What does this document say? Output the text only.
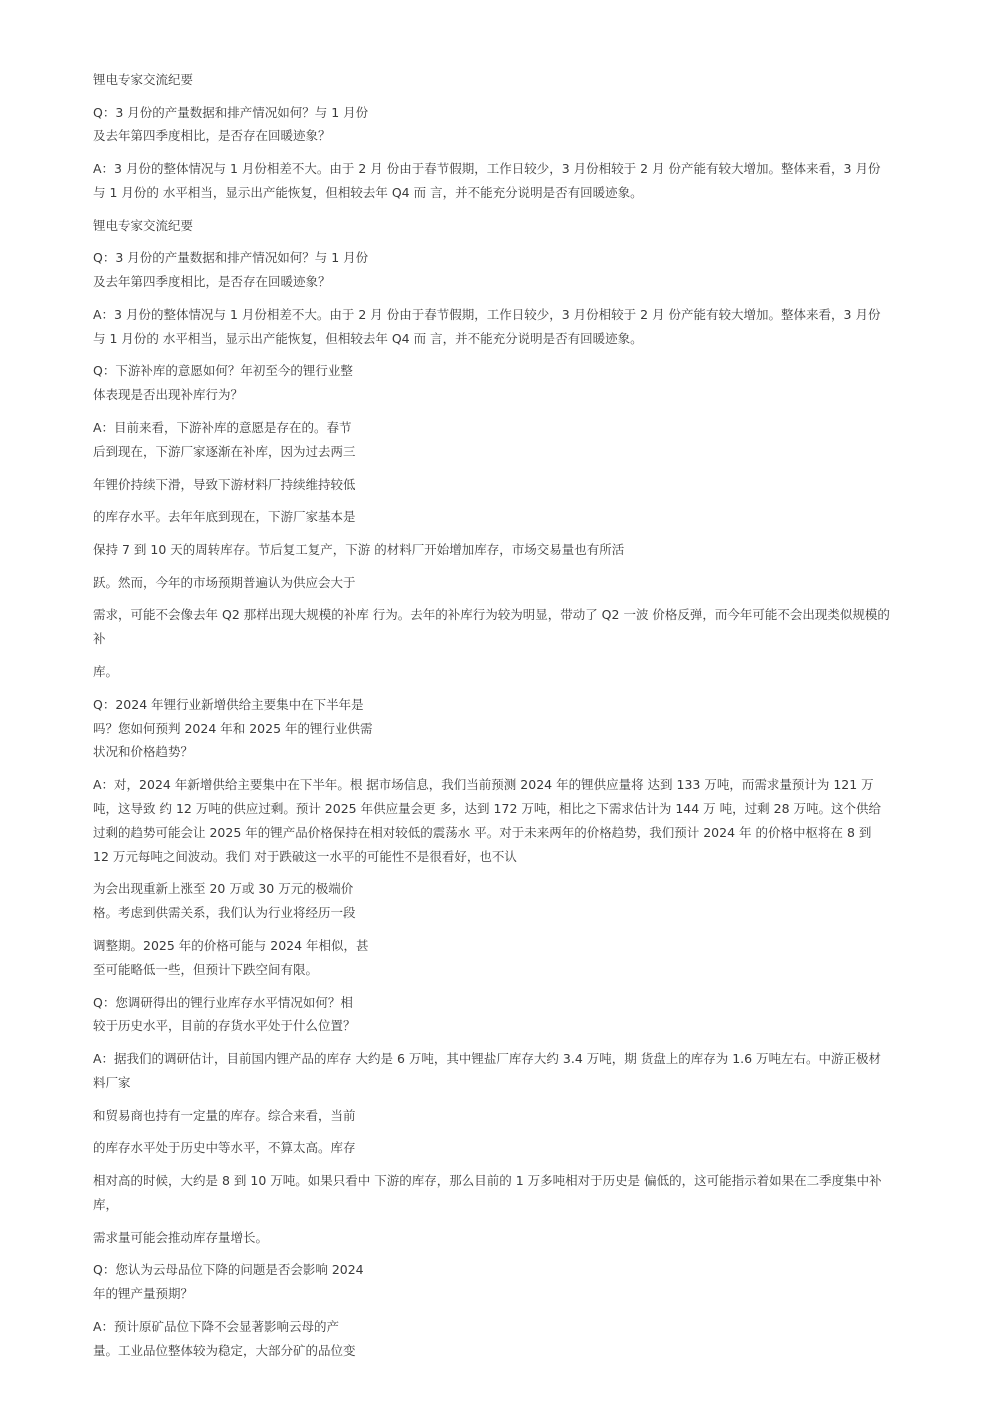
锂电专家交流纪要
Q：3 月份的产量数据和排产情况如何？与 1 月份
及去年第四季度相比，是否存在回暖迹象？
A：3 月份的整体情况与 1 月份相差不大。由于 2 月 份由于春节假期，工作日较少，3 月份相较于 2 月 份产能有较大增加。整体来看，3 月份
与 1 月份的 水平相当，显示出产能恢复，但相较去年 Q4 而 言，并不能充分说明是否有回暖迹象。
锂电专家交流纪要
Q：3 月份的产量数据和排产情况如何？与 1 月份
及去年第四季度相比，是否存在回暖迹象？
A：3 月份的整体情况与 1 月份相差不大。由于 2 月 份由于春节假期，工作日较少，3 月份相较于 2 月 份产能有较大增加。整体来看，3 月份
与 1 月份的 水平相当，显示出产能恢复，但相较去年 Q4 而 言，并不能充分说明是否有回暖迹象。
Q：下游补库的意愿如何？年初至今的锂行业整
体表现是否出现补库行为？
A：目前来看，下游补库的意愿是存在的。春节
后到现在，下游厂家逐渐在补库，因为过去两三
年锂价持续下滑，导致下游材料厂持续维持较低
的库存水平。去年年底到现在，下游厂家基本是
保持 7 到 10 天的周转库存。节后复工复产，下游 的材料厂开始增加库存，市场交易量也有所活
跃。然而，今年的市场预期普遍认为供应会大于
需求，可能不会像去年 Q2 那样出现大规模的补库 行为。去年的补库行为较为明显，带动了 Q2 一波 价格反弹，而今年可能不会出现类似规模的
补
库。
Q：2024 年锂行业新增供给主要集中在下半年是
吗？您如何预判 2024 年和 2025 年的锂行业供需
状况和价格趋势？
A：对，2024 年新增供给主要集中在下半年。根 据市场信息，我们当前预测 2024 年的锂供应量将 达到 133 万吨，而需求量预计为 121 万
吨，这导致 约 12 万吨的供应过剩。预计 2025 年供应量会更 多，达到 172 万吨，相比之下需求估计为 144 万 吨，过剩 28 万吨。这个供给
过剩的趋势可能会让 2025 年的锂产品价格保持在相对较低的震荡水 平。对于未来两年的价格趋势，我们预计 2024 年 的价格中枢将在 8 到
12 万元每吨之间波动。我们 对于跌破这一水平的可能性不是很看好，也不认
为会出现重新上涨至 20 万或 30 万元的极端价
格。考虑到供需关系，我们认为行业将经历一段
调整期。2025 年的价格可能与 2024 年相似，甚
至可能略低一些，但预计下跌空间有限。
Q：您调研得出的锂行业库存水平情况如何？相
较于历史水平，目前的存货水平处于什么位置？
A：据我们的调研估计，目前国内锂产品的库存 大约是 6 万吨，其中锂盐厂库存大约 3.4 万吨，期 货盘上的库存为 1.6 万吨左右。中游正极材
料厂家
和贸易商也持有一定量的库存。综合来看，当前
的库存水平处于历史中等水平，不算太高。库存
相对高的时候，大约是 8 到 10 万吨。如果只看中 下游的库存，那么目前的 1 万多吨相对于历史是 偏低的，这可能指示着如果在二季度集中补
库，
需求量可能会推动库存量增长。
Q：您认为云母品位下降的问题是否会影响 2024
年的锂产量预期？
A：预计原矿品位下降不会显著影响云母的产
量。工业品位整体较为稳定，大部分矿的品位变
